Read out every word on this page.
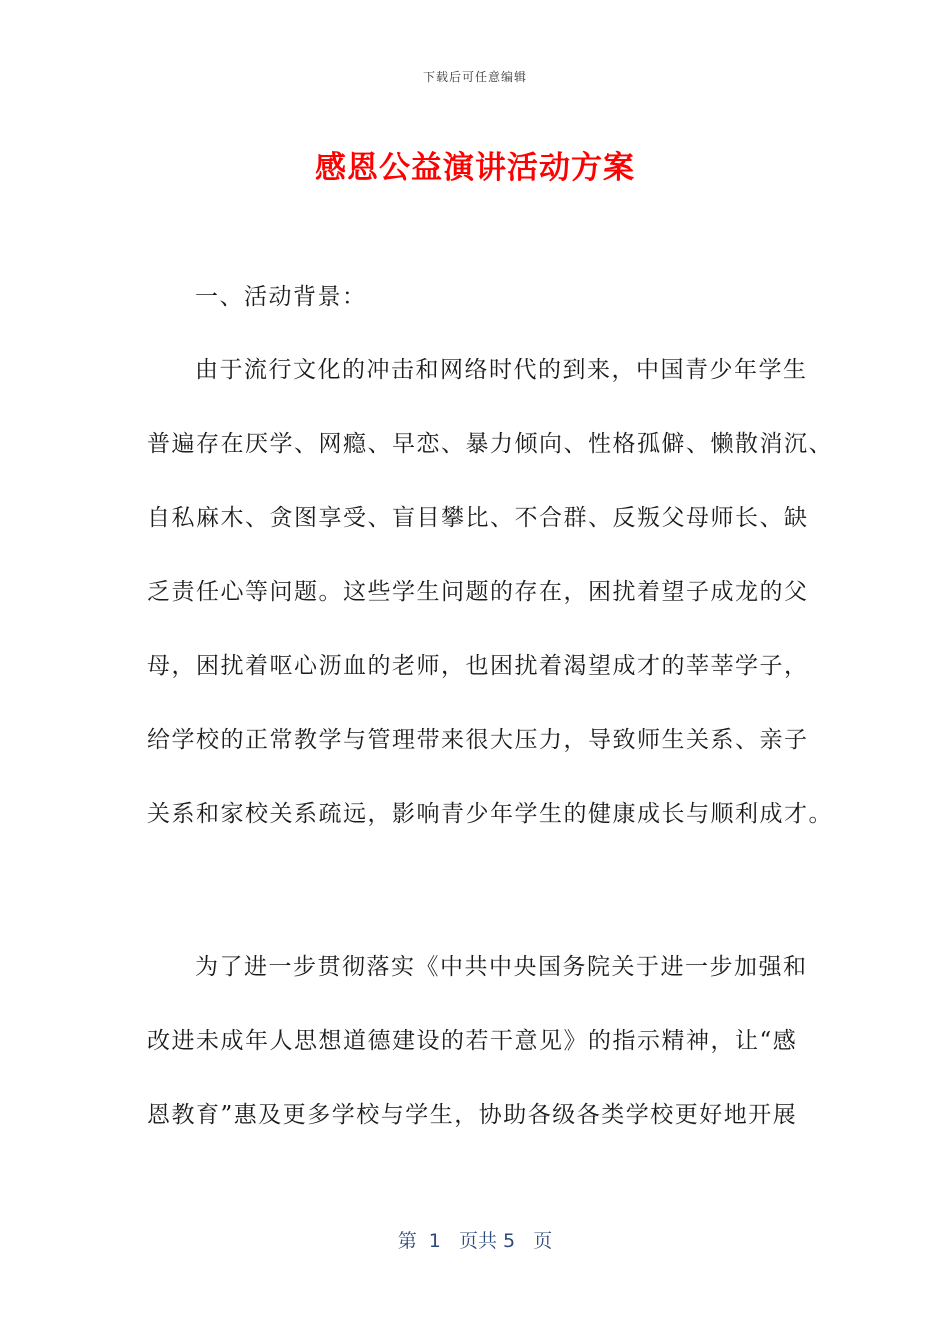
下载后可任意编辑
感恩公益演讲活动方案
一、活动背景：
由于流行文化的冲击和网络时代的到来，中国青少年学生
普遍存在厌学、网瘾、早恋、暴力倾向、性格孤僻、懒散消沉、
自私麻木、贪图享受、盲目攀比、不合群、反叛父母师长、缺
乏责任心等问题。这些学生问题的存在，困扰着望子成龙的父
母，困扰着呕心沥血的老师，也困扰着渴望成才的莘莘学子，
给学校的正常教学与管理带来很大压力，导致师生关系、亲子
关系和家校关系疏远，影响青少年学生的健康成长与顺利成才。
为了进一步贯彻落实《中共中央国务院关于进一步加强和
改进未成年人思想道德建设的若干意见》的指示精神，让“感
恩教育”惠及更多学校与学生，协助各级各类学校更好地开展
第  1   页共 5   页
